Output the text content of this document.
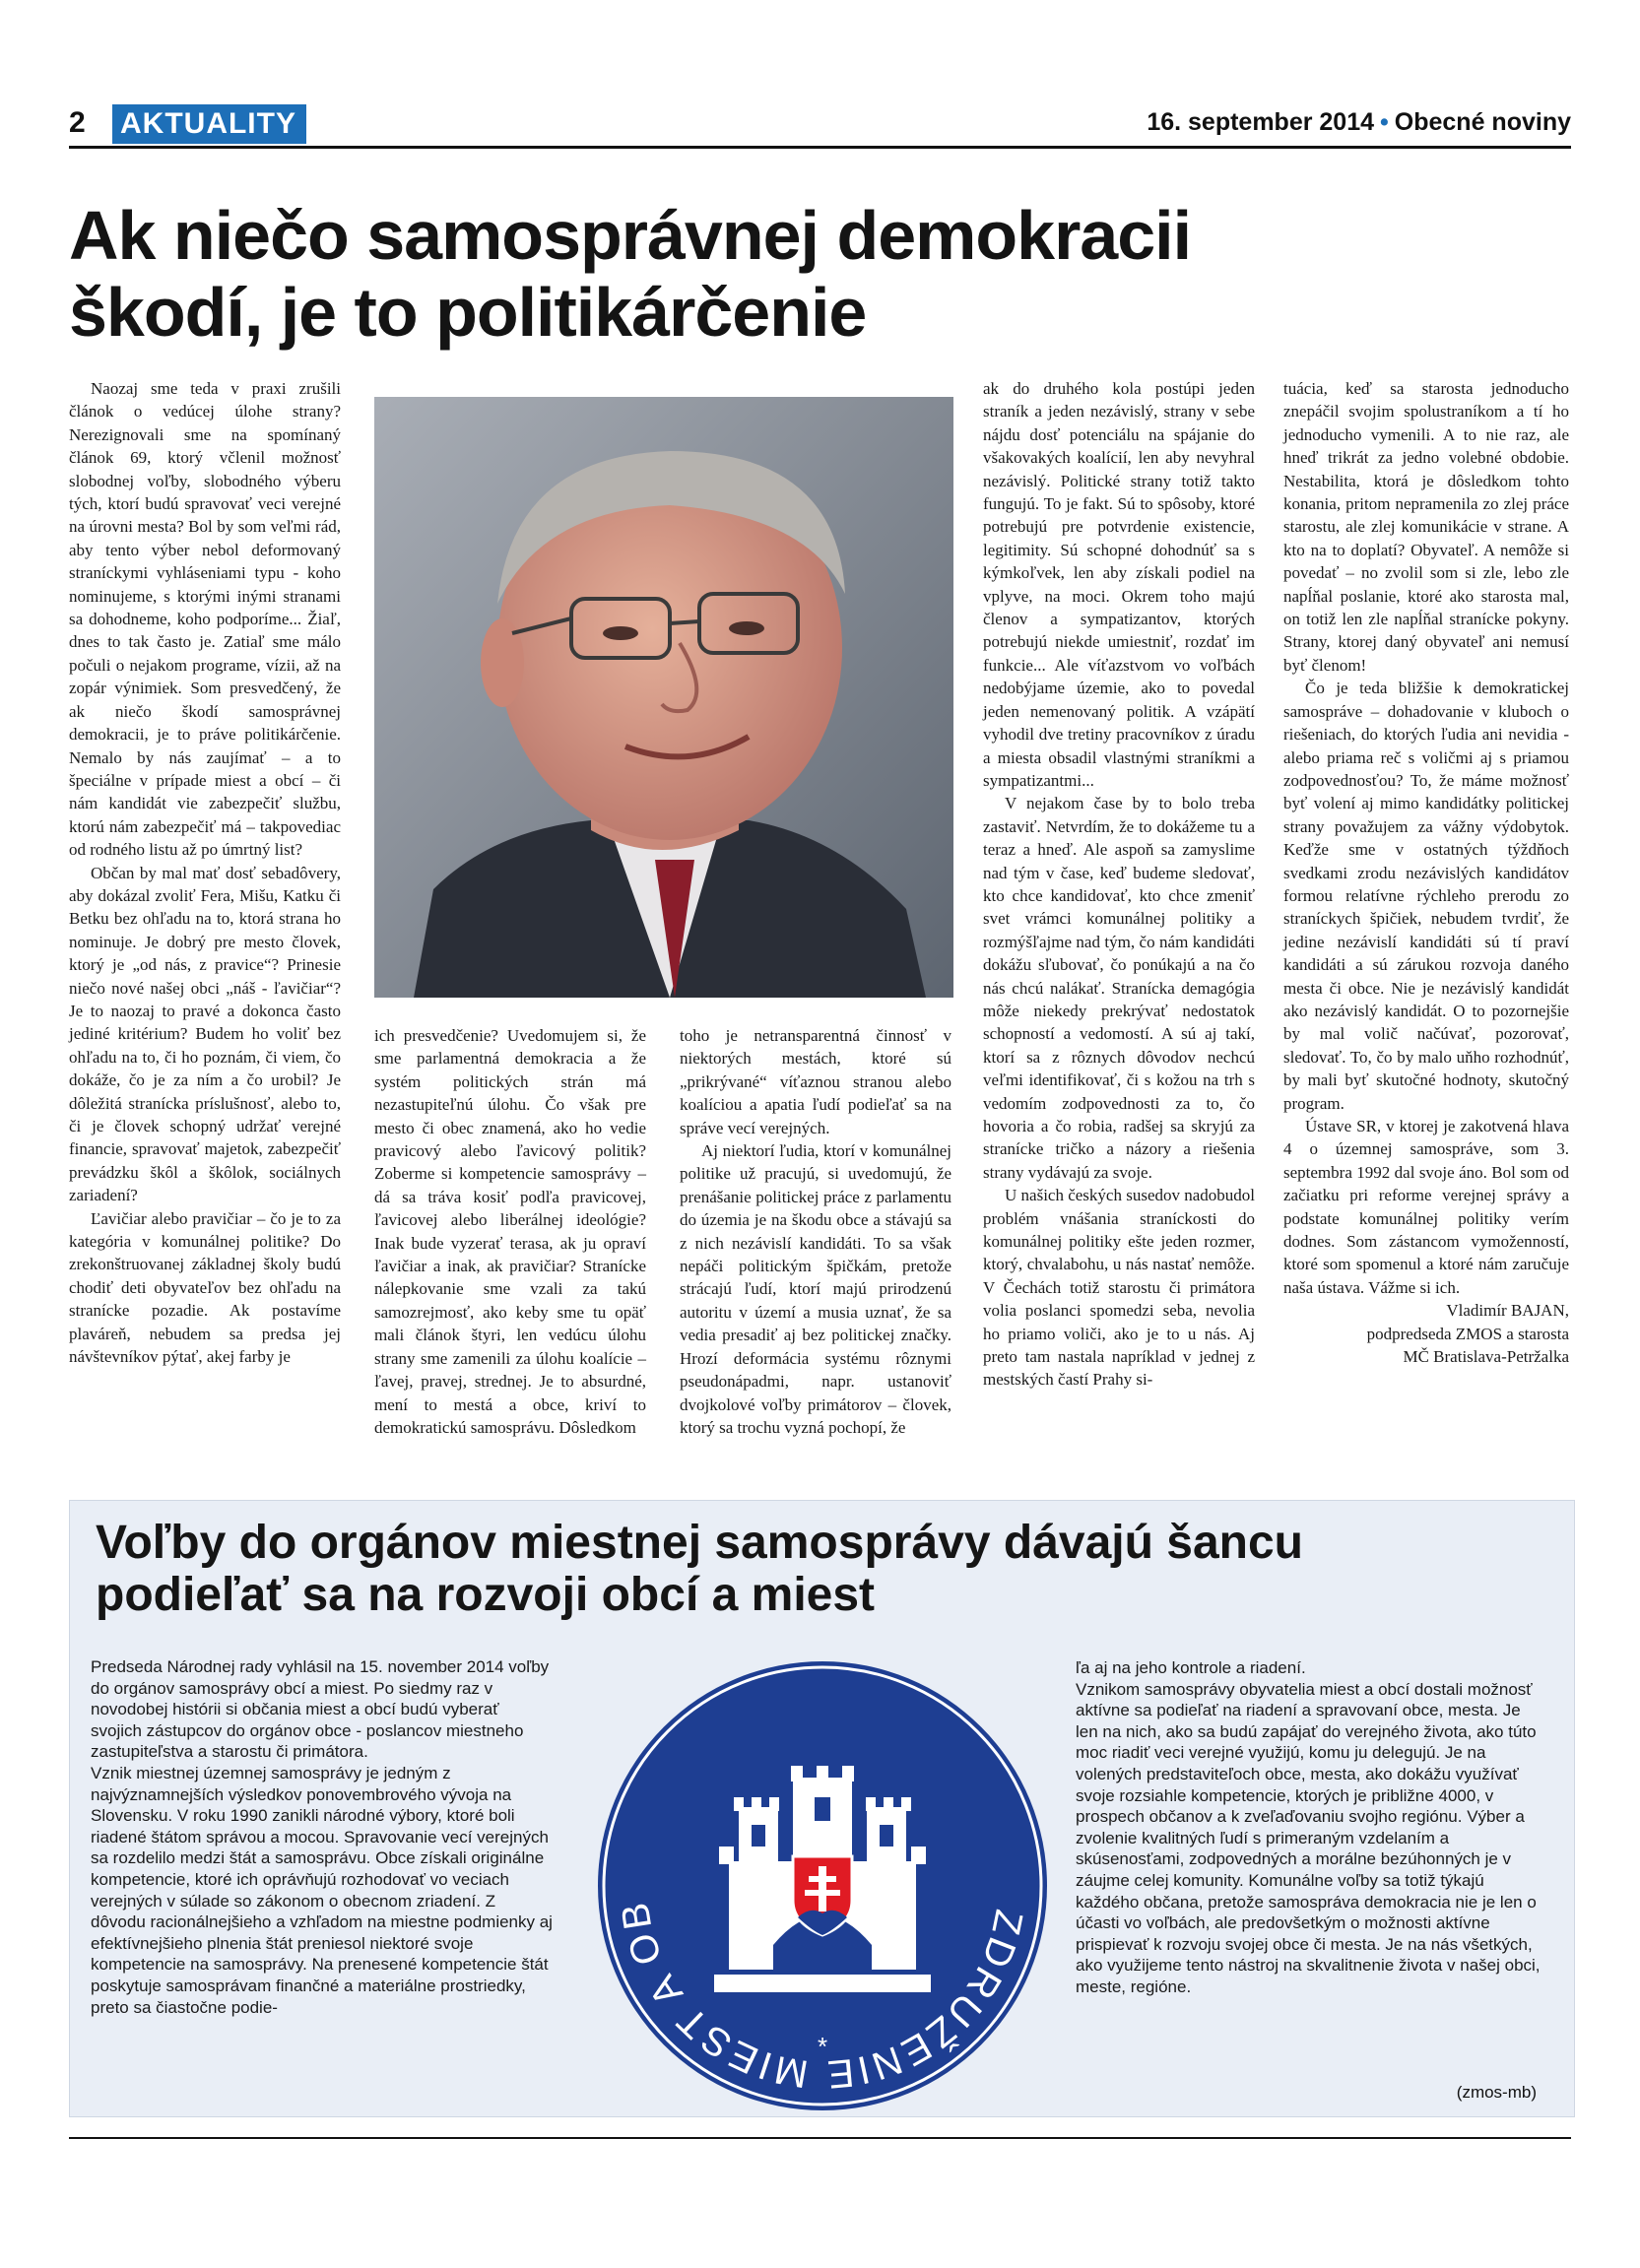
2 AKTUALITY	16. september 2014 • Obecné noviny
Ak niečo samosprávnej demokracii
škodí, je to politikárčenie

Naozaj sme teda v praxi zrušili článok o vedúcej úlohe strany? Nerezignovali sme na spomínaný článok 69, ktorý včlenil možnosť slobodnej voľby, slobodného výberu tých, ktorí budú spravovať veci verejné na úrovni mesta? Bol by som veľmi rád, aby tento výber nebol deformovaný straníckymi vyhláseniami typu - koho nominujeme, s ktorými inými stranami sa dohodneme, koho podporíme... Žiaľ, dnes to tak často je. Zatiaľ sme málo počuli o nejakom programe, vízii, až na zopár výnimiek. Som presvedčený, že ak niečo škodí samosprávnej demokracii, je to práve politikárčenie. Nemalo by nás zaujímať – a to špeciálne v prípade miest a obcí – či nám kandidát vie zabezpečiť službu, ktorú nám zabezpečiť má – takpovediac od rodného listu až po úmrtný list?

Občan by mal mať dosť sebadôvery, aby dokázal zvoliť Fera, Mišu, Katku či Betku bez ohľadu na to, ktorá strana ho nominuje. Je dobrý pre mesto človek, ktorý je „od nás, z pravice“? Prinesie niečo nové našej obci „náš - ľavičiar“? Je to naozaj to pravé a dokonca často jediné kritérium? Budem ho voliť bez ohľadu na to, či ho poznám, či viem, čo dokáže, čo je za ním a čo urobil? Je dôležitá stranícka príslušnosť, alebo to, či je človek schopný udržať verejné financie, spravovať majetok, zabezpečiť prevádzku škôl a škôlok, sociálnych zariadení?

Ľavičiar alebo pravičiar – čo je to za kategória v komunálnej politike? Do zrekonštruovanej základnej školy budú chodiť deti obyvateľov bez ohľadu na stranícke pozadie. Ak postavíme plaváreň, nebudem sa predsa jej návštevníkov pýtať, akej farby je

ich presvedčenie? Uvedomujem si, že sme parlamentná demokracia a že systém politických strán má nezastupiteľnú úlohu. Čo však pre mesto či obec znamená, ako ho vedie pravicový alebo ľavicový politik? Zoberme si kompetencie samosprávy – dá sa tráva kosiť podľa pravicovej, ľavicovej alebo liberálnej ideológie? Inak bude vyzerať terasa, ak ju opraví ľavičiar a inak, ak pravičiar? Stranícke nálepkovanie sme vzali za takú samozrejmosť, ako keby sme tu opäť mali článok štyri, len vedúcu úlohu strany sme zamenili za úlohu koalície – ľavej, pravej, strednej. Je to absurdné, mení to mestá a obce, kriví to demokratickú samosprávu. Dôsledkom

toho je netransparentná činnosť v niektorých mestách, ktoré sú „prikrývané“ víťaznou stranou alebo koalíciou a apatia ľudí podieľať sa na správe vecí verejných.

Aj niektorí ľudia, ktorí v komunálnej politike už pracujú, si uvedomujú, že prenášanie politickej práce z parlamentu do územia je na škodu obce a stávajú sa z nich nezávislí kandidáti. To sa však nepáči politickým špičkám, pretože strácajú ľudí, ktorí majú prirodzenú autoritu v území a musia uznať, že sa vedia presadiť aj bez politickej značky. Hrozí deformácia systému rôznymi pseudonápadmi, napr. ustanoviť dvojkolové voľby primátorov – človek, ktorý sa trochu vyzná pochopí, že

ak do druhého kola postúpi jeden straník a jeden nezávislý, strany v sebe nájdu dosť potenciálu na spájanie do všakovakých koalícií, len aby nevyhral nezávislý. Politické strany totiž takto fungujú. To je fakt. Sú to spôsoby, ktoré potrebujú pre potvrdenie existencie, legitimity. Sú schopné dohodnúť sa s kýmkoľvek, len aby získali podiel na vplyve, na moci. Okrem toho majú členov a sympatizantov, ktorých potrebujú niekde umiestniť, rozdať im funkcie... Ale víťazstvom vo voľbách nedobýjame územie, ako to povedal jeden nemenovaný politik. A vzápätí vyhodil dve tretiny pracovníkov z úradu a miesta obsadil vlastnými straníkmi a sympatizantmi...

V nejakom čase by to bolo treba zastaviť. Netvrdím, že to dokážeme tu a teraz a hneď. Ale aspoň sa zamyslime nad tým v čase, keď budeme sledovať, kto chce kandidovať, kto chce zmeniť svet vrámci komunálnej politiky a rozmýšľajme nad tým, čo nám kandidáti dokážu sľubovať, čo ponúkajú a na čo nás chcú nalákať. Stranícka demagógia môže niekedy prekrývať nedostatok schopností a vedomostí. A sú aj takí, ktorí sa z rôznych dôvodov nechcú veľmi identifikovať, či s kožou na trh s vedomím zodpovednosti za to, čo hovoria a čo robia, radšej sa skryjú za stranícke tričko a názory a riešenia strany vydávajú za svoje.

U našich českých susedov nadobudol problém vnášania straníckosti do komunálnej politiky ešte jeden rozmer, ktorý, chvalabohu, u nás nastať nemôže. V Čechách totiž starostu či primátora volia poslanci spomedzi seba, nevolia ho priamo voliči, ako je to u nás. Aj preto tam nastala napríklad v jednej z mestských častí Prahy si-

tuácia, keď sa starosta jednoducho znepáčil svojim spolustraníkom a tí ho jednoducho vymenili. A to nie raz, ale hneď trikrát za jedno volebné obdobie. Nestabilita, ktorá je dôsledkom tohto konania, pritom nepramenila zo zlej práce starostu, ale zlej komunikácie v strane. A kto na to doplatí? Obyvateľ. A nemôže si povedať – no zvolil som si zle, lebo zle napĺňal poslanie, ktoré ako starosta mal, on totiž len zle napĺňal stranícke pokyny. Strany, ktorej daný obyvateľ ani nemusí byť členom!

Čo je teda bližšie k demokratickej samospráve – dohadovanie v kluboch o riešeniach, do ktorých ľudia ani nevidia - alebo priama reč s voličmi aj s priamou zodpovednosťou? To, že máme možnosť byť volení aj mimo kandidátky politickej strany považujem za vážny výdobytok. Keďže sme v ostatných týždňoch svedkami zrodu nezávislých kandidátov formou relatívne rýchleho prerodu zo straníckych špičiek, nebudem tvrdiť, že jedine nezávislí kandidáti sú tí praví kandidáti a sú zárukou rozvoja daného mesta či obce. Nie je nezávislý kandidát ako nezávislý kandidát. O to pozornejšie by mal volič načúvať, pozorovať, sledovať. To, čo by malo uňho rozhodnúť, by mali byť skutočné hodnoty, skutočný program.

Ústave SR, v ktorej je zakotvená hlava 4 o územnej samospráve, som 3. septembra 1992 dal svoje áno. Bol som od začiatku pri reforme verejnej správy a podstate komunálnej politiky verím dodnes. Som zástancom vymoženností, ktoré som spomenul a ktoré nám zaručuje naša ústava. Vážme si ich.

Vladimír BAJAN,

podpredseda ZMOS a starosta

MČ Bratislava-Petržalka

Voľby do orgánov miestnej samosprávy dávajú šancu
podieľať sa na rozvoji obcí a miest

Predseda Národnej rady vyhlásil na 15. november 2014 voľby do orgánov samosprávy obcí a miest. Po siedmy raz v novodobej histórii si občania miest a obcí budú vyberať svojich zástupcov do orgánov obce - poslancov miestneho zastupiteľstva a starostu či primátora.

Vznik miestnej územnej samosprávy je jedným z najvýznamnejších výsledkov ponovembrového vývoja na Slovensku. V roku 1990 zanikli národné výbory, ktoré boli riadené štátom správou a mocou. Spravovanie vecí verejných sa rozdelilo medzi štát a samosprávu. Obce získali originálne kompetencie, ktoré ich oprávňujú rozhodovať vo veciach verejných v súlade so zákonom o obecnom zriadení. Z dôvodu racionálnejšieho a vzhľadom na miestne podmienky aj efektívnejšieho plnenia štát preniesol niektoré svoje kompetencie na samosprávy. Na prenesené kompetencie štát poskytuje samosprávam finančné a materiálne prostriedky, preto sa čiastočne podie-

ZDRUŽENIE MIEST A OB
*

ľa aj na jeho kontrole a riadení.

Vznikom samosprávy obyvatelia miest a obcí dostali možnosť aktívne sa podieľať na riadení a spravovaní obce, mesta. Je len na nich, ako sa budú zapájať do verejného života, ako túto moc riadiť veci verejné využijú, komu ju delegujú. Je na volených predstaviteľoch obce, mesta, ako dokážu využívať svoje rozsiahle kompetencie, ktorých je približne 4000, v prospech občanov a k zveľaďovaniu svojho regiónu. Výber a zvolenie kvalitných ľudí s primeraným vzdelaním a skúsenosťami, zodpovedných a morálne bezúhonných je v záujme celej komunity. Komunálne voľby sa totiž týkajú každého občana, pretože samospráva demokracia nie je len o účasti vo voľbách, ale predovšetkým o možnosti aktívne prispievať k rozvoju svojej obce či mesta. Je na nás všetkých, ako využijeme tento nástroj na skvalitnenie života v našej obci, meste, regióne.

(zmos-mb)
